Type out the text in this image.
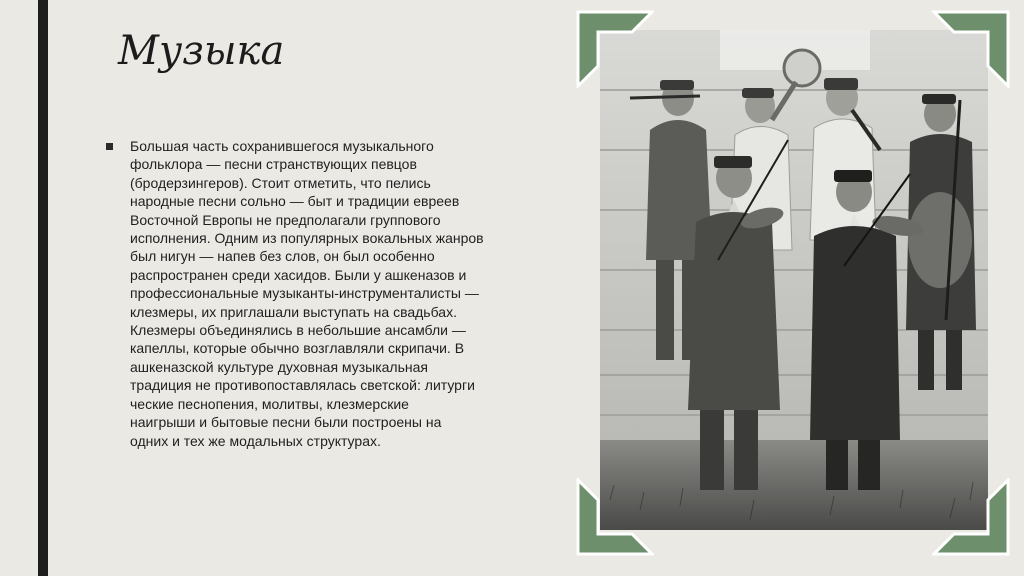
Музыка

Большая часть сохранившегося музыкального
фольклора — песни странствующих певцов
(бродерзингеров). Стоит отметить, что пелись
народные песни сольно — быт и традиции евреев
Восточной Европы не предполагали группового
исполнения. Одним из популярных вокальных жанров
был нигун — напев без слов, он был особенно
распространен среди хасидов. Были у ашкеназов и
профессиональные музыканты-инструменталисты —
клезмеры, их приглашали выступать на свадьбах.
Клезмеры объединялись в небольшие ансамбли —
капеллы, которые обычно возглавляли скрипачи. В
ашкеназской культуре духовная музыкальная
традиция не противопоставлялась светской: литурги
ческие песнопения, молитвы, клезмерские
наигрыши и бытовые песни были построены на
одних и тех же модальных структурах.
